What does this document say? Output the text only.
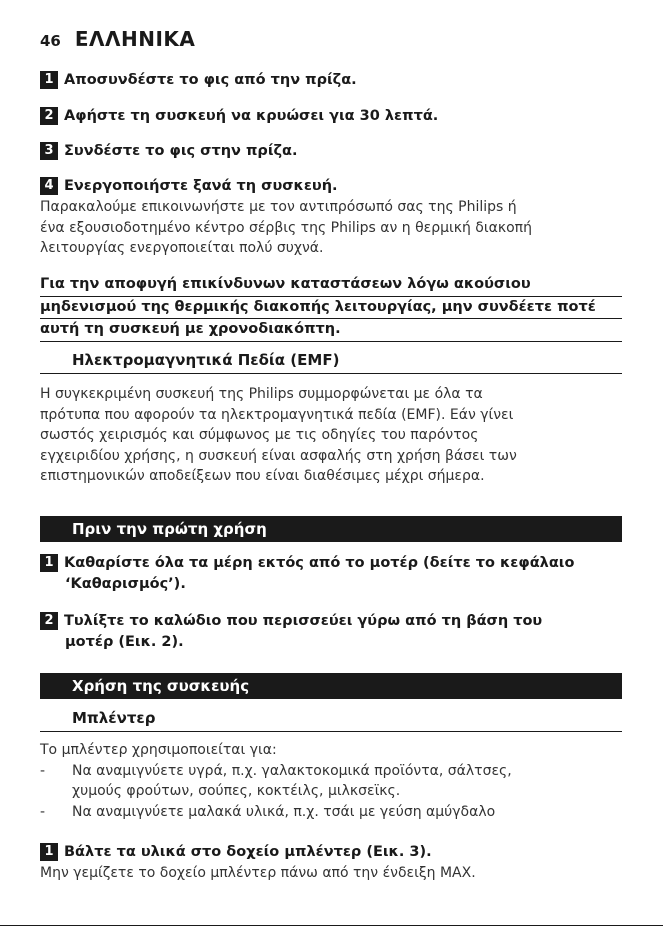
46 ΕΛΛΗΝΙΚΑ
1 Αποσυνδέστε το φις από την πρίζα.
2 Αφήστε τη συσκευή να κρυώσει για 30 λεπτά.
3 Συνδέστε το φις στην πρίζα.
4 Ενεργοποιήστε ξανά τη συσκευή.
Παρακαλούμε επικοινωνήστε με τον αντιπρόσωπό σας της Philips ή
ένα εξουσιοδοτημένο κέντρο σέρβις της Philips αν η θερμική διακοπή
λειτουργίας ενεργοποιείται πολύ συχνά.
Για την αποφυγή επικίνδυνων καταστάσεων λόγω ακούσιου
μηδενισμού της θερμικής διακοπής λειτουργίας, μην συνδέετε ποτέ
αυτή τη συσκευή με χρονοδιακόπτη.
Ηλεκτρομαγνητικά Πεδία (EMF)
Η συγκεκριμένη συσκευή της Philips συμμορφώνεται με όλα τα
πρότυπα που αφορούν τα ηλεκτρομαγνητικά πεδία (EMF). Εάν γίνει
σωστός χειρισμός και σύμφωνος με τις οδηγίες του παρόντος
εγχειριδίου χρήσης, η συσκευή είναι ασφαλής στη χρήση βάσει των
επιστημονικών αποδείξεων που είναι διαθέσιμες μέχρι σήμερα.
Πριν την πρώτη χρήση
1 Καθαρίστε όλα τα μέρη εκτός από το μοτέρ (δείτε το κεφάλαιο
‘Καθαρισμός’).
2 Τυλίξτε το καλώδιο που περισσεύει γύρω από τη βάση του
μοτέρ (Εικ. 2).
Χρήση της συσκευής
Μπλέντερ
Το μπλέντερ χρησιμοποιείται για:
-	Να αναμιγνύετε υγρά, π.χ. γαλακτοκομικά προϊόντα, σάλτσες,
χυμούς φρούτων, σούπες, κοκτέιλς, μιλκσεϊκς.
-	Να αναμιγνύετε μαλακά υλικά, π.χ. τσάι με γεύση αμύγδαλο
1 Βάλτε τα υλικά στο δοχείο μπλέντερ (Εικ. 3).
Μην γεμίζετε το δοχείο μπλέντερ πάνω από την ένδειξη MAX.
